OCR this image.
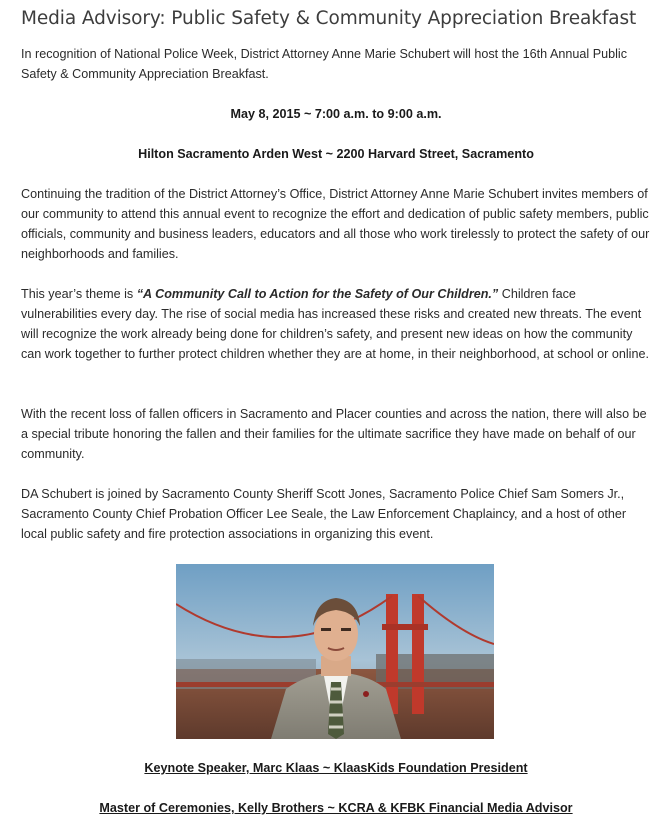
Media Advisory: Public Safety & Community Appreciation Breakfast

In recognition of National Police Week, District Attorney Anne Marie Schubert will host the 16th Annual Public Safety & Community Appreciation Breakfast.

May 8, 2015 ~ 7:00 a.m. to 9:00 a.m.

Hilton Sacramento Arden West ~ 2200 Harvard Street, Sacramento

Continuing the tradition of the District Attorney’s Office, District Attorney Anne Marie Schubert invites members of our community to attend this annual event to recognize the effort and dedication of public safety members, public officials, community and business leaders, educators and all those who work tirelessly to protect the safety of our neighborhoods and families.

This year’s theme is “A Community Call to Action for the Safety of Our Children.” Children face vulnerabilities every day. The rise of social media has increased these risks and created new threats. The event will recognize the work already being done for children’s safety, and present new ideas on how the community can work together to further protect children whether they are at home, in their neighborhood, at school or online.

With the recent loss of fallen officers in Sacramento and Placer counties and across the nation, there will also be a special tribute honoring the fallen and their families for the ultimate sacrifice they have made on behalf of our community.

DA Schubert is joined by Sacramento County Sheriff Scott Jones, Sacramento Police Chief Sam Somers Jr., Sacramento County Chief Probation Officer Lee Seale, the Law Enforcement Chaplaincy, and a host of other local public safety and fire protection associations in organizing this event.

Keynote Speaker, Marc Klaas ~ KlaasKids Foundation President

Master of Ceremonies, Kelly Brothers ~ KCRA & KFBK Financial Media Advisor
